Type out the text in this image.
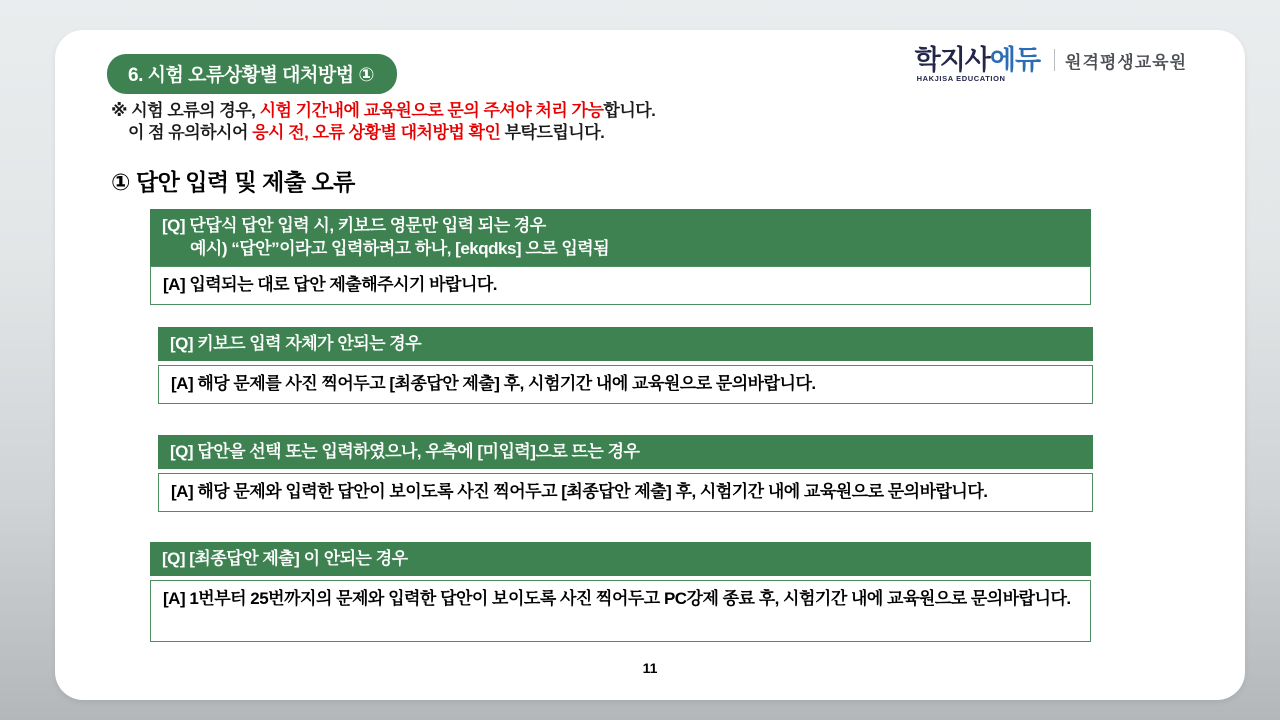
학지사 에듀
HAKJISA EDUCATION
원격평생교육원
6. 시험 오류상황별 대처방법 ①
※ 시험 오류의 경우, 시험 기간내에 교육원으로 문의 주셔야 처리 가능합니다.
이 점 유의하시어 응시 전, 오류 상황별 대처방법 확인 부탁드립니다.
① 답안 입력 및 제출 오류
[Q] 단답식 답안 입력 시, 키보드 영문만 입력 되는 경우
예시) “답안”이라고 입력하려고 하나, [ekqdks] 으로 입력됨
[A] 입력되는 대로 답안 제출해주시기 바랍니다.
[Q] 키보드 입력 자체가 안되는 경우
[A] 해당 문제를 사진 찍어두고 [최종답안 제출] 후, 시험기간 내에 교육원으로 문의바랍니다.
[Q] 답안을 선택 또는 입력하였으나, 우측에 [미입력]으로 뜨는 경우
[A] 해당 문제와 입력한 답안이 보이도록 사진 찍어두고 [최종답안 제출] 후, 시험기간 내에 교육원으로 문의바랍니다.
[Q] [최종답안 제출] 이 안되는 경우
[A] 1번부터 25번까지의 문제와 입력한 답안이 보이도록 사진 찍어두고 PC강제 종료 후, 시험기간 내에 교육원으로 문의바랍니다.
11
